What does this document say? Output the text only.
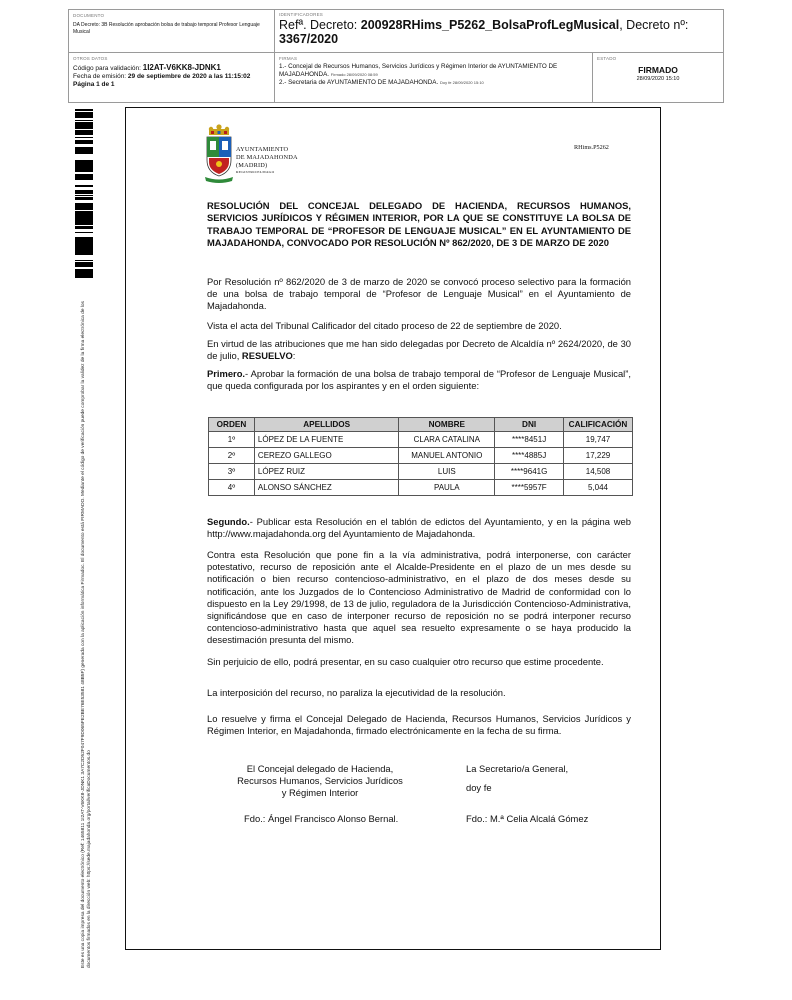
DOCUMENTO
DA Decreto: 3B Resolución aprobación bolsa de trabajo temporal Profesor Lenguaje Musical
IDENTIFICADORES
Refª. Decreto: 200928RHims_P5262_BolsaProfLegMusical, Decreto nº: 3367/2020
OTROS DATOS
Código para validación: 1I2AT-V6KK8-JDNK1
Fecha de emisión: 29 de septiembre de 2020 a las 11:15:02
Página 1 de 1
FIRMAS
1.- Concejal de Recursos Humanos, Servicios Jurídicos y Régimen Interior de AYUNTAMIENTO DE MAJADAHONDA. Firmado 28/09/2020 08:59
2.- Secretaria de AYUNTAMIENTO DE MAJADAHONDA. Doy fe 28/09/2020 15:10
ESTADO
FIRMADO
28/09/2020 15:10
Este es una copia impresa del documento electrónico (Ref: 1465811 1I2AT-V6KK8-JDNK1 3A7C2D52F047F9D065FE2BE76E53581 48B5F) generada con la aplicación informática Firmadoc. El documento está FIRMADO. Mediante el código de verificación puede comprobar la validez de la firma electrónica de los documentos firmados en la dirección web: https://sede.majadahonda.org/portal/verificaDocumentos.do
AYUNTAMIENTO
DE MAJADAHONDA
(MADRID)
REGISTRO/ELMAGO
RHims.P5262
RESOLUCIÓN DEL CONCEJAL DELEGADO DE HACIENDA, RECURSOS HUMANOS, SERVICIOS JURÍDICOS Y RÉGIMEN INTERIOR, POR LA QUE SE CONSTITUYE LA BOLSA DE TRABAJO TEMPORAL DE “PROFESOR DE LENGUAJE MUSICAL” EN EL AYUNTAMIENTO DE MAJADAHONDA, CONVOCADO POR RESOLUCIÓN Nº 862/2020, DE 3 DE MARZO DE 2020
Por Resolución nº 862/2020 de 3 de marzo de 2020 se convocó proceso selectivo para la formación de una bolsa de trabajo temporal de “Profesor de Lenguaje Musical” en el Ayuntamiento de Majadahonda.
Vista el acta del Tribunal Calificador del citado proceso de 22 de septiembre de 2020.
En virtud de las atribuciones que me han sido delegadas por Decreto de Alcaldía nº 2624/2020, de 30 de julio, RESUELVO:
Primero.- Aprobar la formación de una bolsa de trabajo temporal de “Profesor de Lenguaje Musical”, que queda configurada por los aspirantes y en el orden siguiente:
ORDEN	APELLIDOS	NOMBRE	DNI	CALIFICACIÓN
1º	LÓPEZ DE LA FUENTE	CLARA CATALINA	****8451J	19,747
2º	CEREZO GALLEGO	MANUEL ANTONIO	****4885J	17,229
3º	LÓPEZ RUIZ	LUIS	****9641G	14,508
4º	ALONSO SÁNCHEZ	PAULA	****5957F	5,044
Segundo.- Publicar esta Resolución en el tablón de edictos del Ayuntamiento, y en la página web http://www.majadahonda.org del Ayuntamiento de Majadahonda.
Contra esta Resolución que pone fin a la vía administrativa, podrá interponerse, con carácter potestativo, recurso de reposición ante el Alcalde-Presidente en el plazo de un mes desde su notificación o bien recurso contencioso-administrativo, en el plazo de dos meses desde su notificación, ante los Juzgados de lo Contencioso Administrativo de Madrid de conformidad con lo dispuesto en la Ley 29/1998, de 13 de julio, reguladora de la Jurisdicción Contencioso-Administrativa, significándose que en caso de interponer recurso de reposición no se podrá interponer recurso contencioso-administrativo hasta que aquel sea resuelto expresamente o se haya producido la desestimación presunta del mismo.
Sin perjuicio de ello, podrá presentar, en su caso cualquier otro recurso que estime procedente.
La interposición del recurso, no paraliza la ejecutividad de la resolución.
Lo resuelve y firma el Concejal Delegado de Hacienda, Recursos Humanos, Servicios Jurídicos y Régimen Interior, en Majadahonda, firmado electrónicamente en la fecha de su firma.
El Concejal delegado de Hacienda,
Recursos Humanos, Servicios Jurídicos
y Régimen Interior
La Secretario/a General,
doy fe
Fdo.: Ángel Francisco Alonso Bernal.	Fdo.: M.ª Celia Alcalá Gómez
